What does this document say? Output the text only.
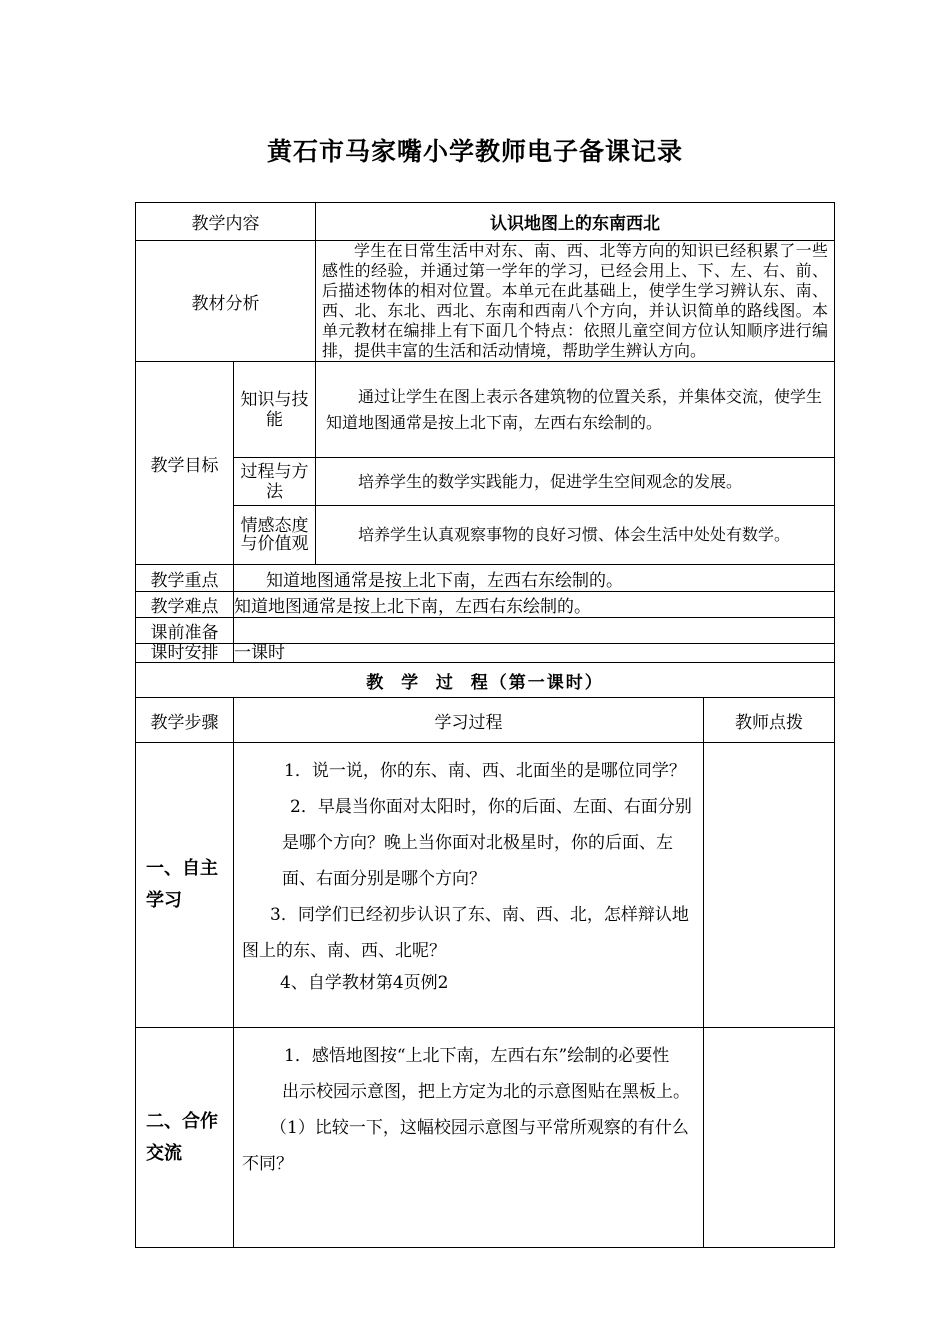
黄石市马家嘴小学教师电子备课记录
教学内容		认识地图上的东南西北	
教材分析		学生在日常生活中对东、南、西、北等方向的知识已经积累了一些感性的经验，并通过第一学年的学习，已经会用上、下、左、右、前、后描述物体的相对位置。本单元在此基础上，使学生学习辨认东、南、西、北、东北、西北、东南和西南八个方向，并认识简单的路线图。本单元教材在编排上有下面几个特点：依照儿童空间方位认知顺序进行编排，提供丰富的生活和活动情境，帮助学生辨认方向。	

教学目标	知识与技能	通过让学生在图上表示各建筑物的位置关系，并集体交流，使学生知道地图通常是按上北下南，左西右东绘制的。	

	过程与方法	培养学生的数学实践能力，促进学生空间观念的发展。	

	情感态度与价值观	培养学生认真观察事物的良好习惯、体会生活中处处有数学。	

教学重点	知道地图通常是按上北下南，左西右东绘制的。		
教学难点	知道地图通常是按上北下南，左西右东绘制的。		
课前准备			
课时安排	一课时		
教  学  过  程（第一课时）			
教学步骤	学习过程		教师点拨

一、自主学习	1．说一说，你的东、南、西、北面坐的是哪位同学？
2．早晨当你面对太阳时，你的后面、左面、右面分别是哪个方向？晚上当你面对北极星时，你的后面、左面、右面分别是哪个方向？
3．同学们已经初步认识了东、南、西、北，怎样辩认地图上的东、南、西、北呢？
4、自学教材第4页例2		

二、合作交流	1．感悟地图按“上北下南，左西右东”绘制的必要性
出示校园示意图，把上方定为北的示意图贴在黑板上。
（1）比较一下，这幅校园示意图与平常所观察的有什么不同？		
